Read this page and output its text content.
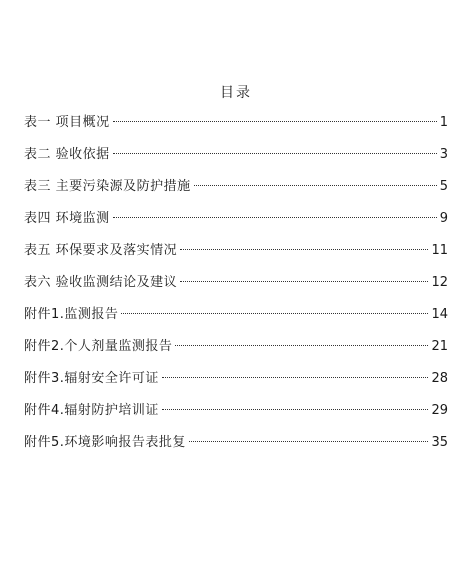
目录
表一 项目概况	1
表二 验收依据	3
表三 主要污染源及防护措施	5
表四 环境监测	9
表五 环保要求及落实情况	11
表六 验收监测结论及建议	12
附件1.监测报告	14
附件2.个人剂量监测报告	21
附件3.辐射安全许可证	28
附件4.辐射防护培训证	29
附件5.环境影响报告表批复	35
